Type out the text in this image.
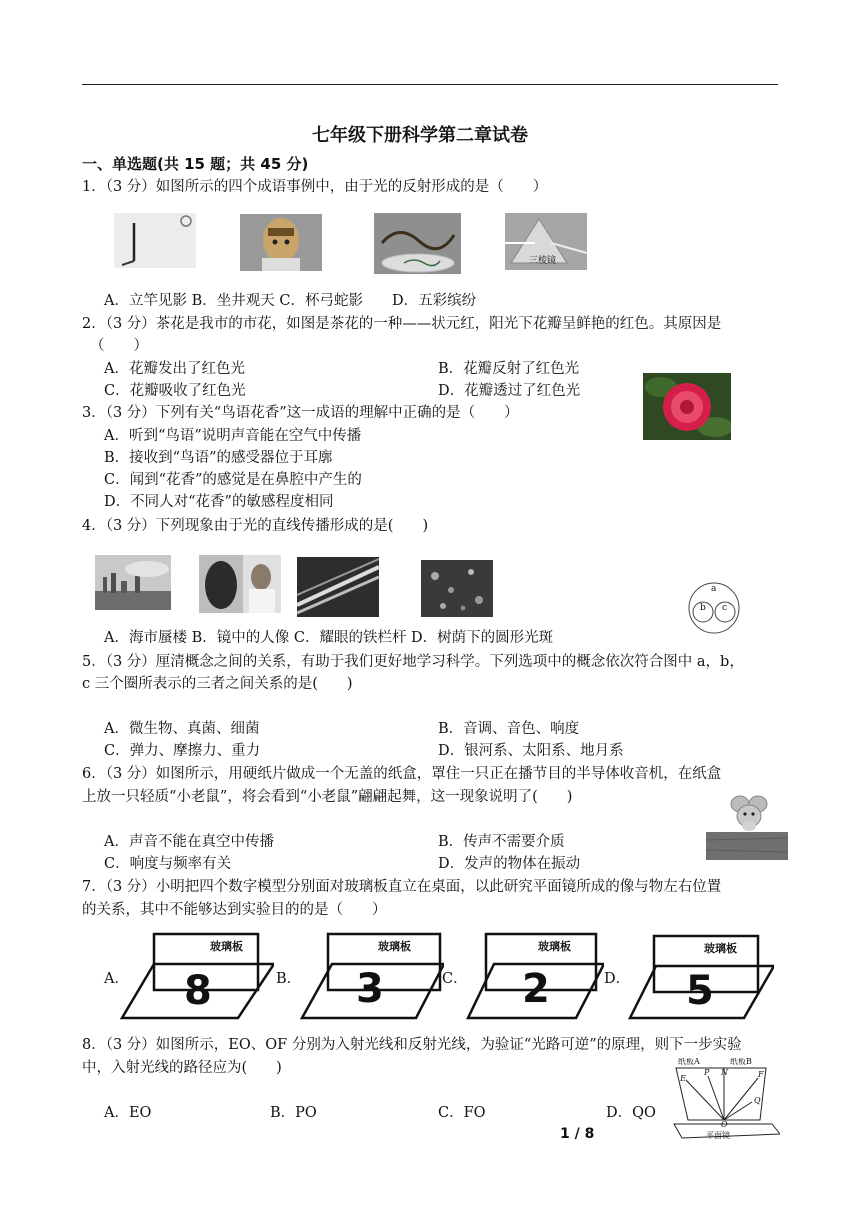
七年级下册科学第二章试卷
一、单选题(共 15 题；共 45 分)
1．（3 分）如图所示的四个成语事例中，由于光的反射形成的是（　　）
三棱镜
A．立竿见影 B．坐井观天 C．杯弓蛇影　　D．五彩缤纷
2．（3 分）茶花是我市的市花，如图是茶花的一种——状元红，阳光下花瓣呈鲜艳的红色。其原因是
（　　）
A．花瓣发出了红色光	B．花瓣反射了红色光
C．花瓣吸收了红色光	D．花瓣透过了红色光
3．（3 分）下列有关“鸟语花香”这一成语的理解中正确的是（　　）
A．听到“鸟语”说明声音能在空气中传播
B．接收到“鸟语”的感受器位于耳廓
C．闻到“花香”的感觉是在鼻腔中产生的
D．不同人对“花香”的敏感程度相同
4．（3 分）下列现象由于光的直线传播形成的是(　　)
a
b c
A．海市蜃楼 B．镜中的人像 C．耀眼的铁栏杆 D．树荫下的圆形光斑
5．（3 分）厘清概念之间的关系，有助于我们更好地学习科学。下列选项中的概念依次符合图中 a，b，
c 三个圈所表示的三者之间关系的是(　　)
A．微生物、真菌、细菌	B．音调、音色、响度
C．弹力、摩擦力、重力	D．银河系、太阳系、地月系
6．（3 分）如图所示，用硬纸片做成一个无盖的纸盒，罩住一只正在播节目的半导体收音机，在纸盒
上放一只轻质“小老鼠”，将会看到“小老鼠”翩翩起舞，这一现象说明了(　　)
A．声音不能在真空中传播	B．传声不需要介质
C．响度与频率有关	D．发声的物体在振动
7．（3 分）小明把四个数字模型分别面对玻璃板直立在桌面，以此研究平面镜所成的像与物左右位置
的关系，其中不能够达到实验目的的是（　　）
A．	B．	C．	D．
玻璃板
8
玻璃板
3
玻璃板
2
玻璃板
5
8．（3 分）如图所示，EO、OF 分别为入射光线和反射光线，为验证“光路可逆”的原理，则下一步实验
中，入射光线的路径应为(　　)
A．EO	B．PO	C．FO	D．QO
纸板A	纸板B
E
P N	F
Q
O
平面镜
1 / 8
